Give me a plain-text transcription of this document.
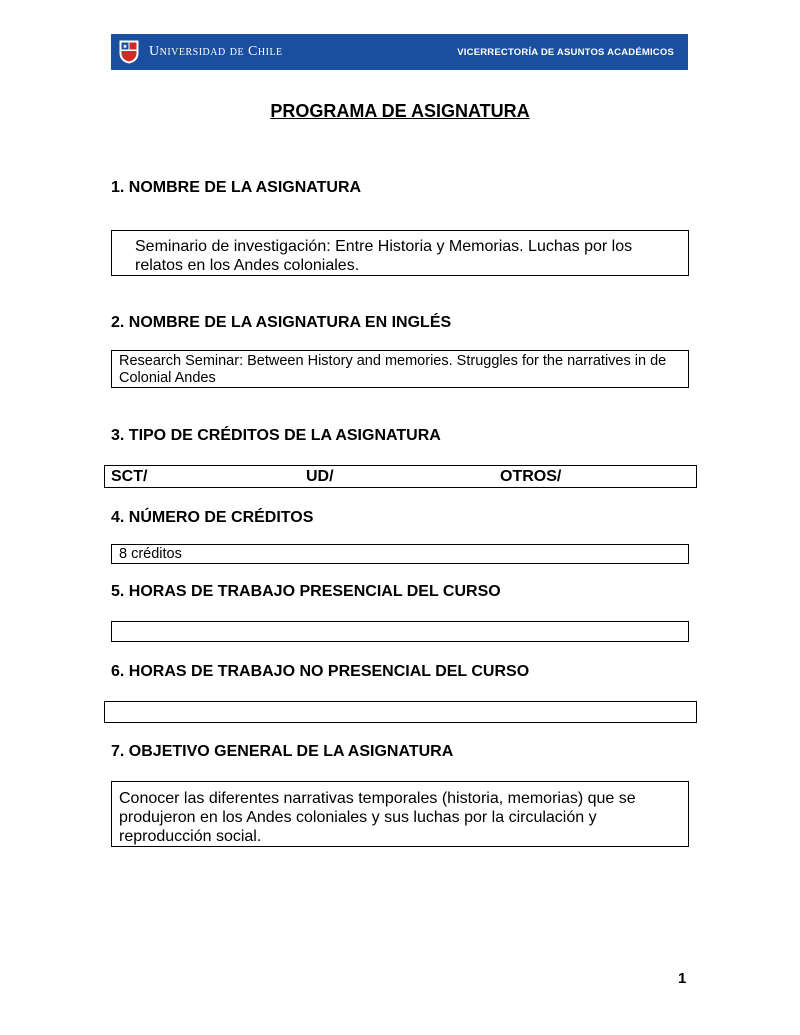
Universidad de Chile	VICERRECTORÍA DE ASUNTOS ACADÉMICOS
PROGRAMA DE ASIGNATURA
1. NOMBRE DE LA ASIGNATURA
Seminario de investigación: Entre Historia y Memorias. Luchas por los relatos en los Andes coloniales.
2. NOMBRE DE LA ASIGNATURA EN INGLÉS
Research Seminar: Between History and memories. Struggles for the narratives in de Colonial Andes
3. TIPO DE CRÉDITOS DE LA ASIGNATURA
SCT/	UD/	OTROS/
4. NÚMERO DE CRÉDITOS
8 créditos
5. HORAS DE TRABAJO PRESENCIAL DEL CURSO
6. HORAS DE TRABAJO NO PRESENCIAL DEL CURSO
7. OBJETIVO GENERAL DE LA ASIGNATURA
Conocer las diferentes narrativas temporales (historia, memorias) que se produjeron en los Andes coloniales y sus luchas por la circulación y reproducción social.
1
